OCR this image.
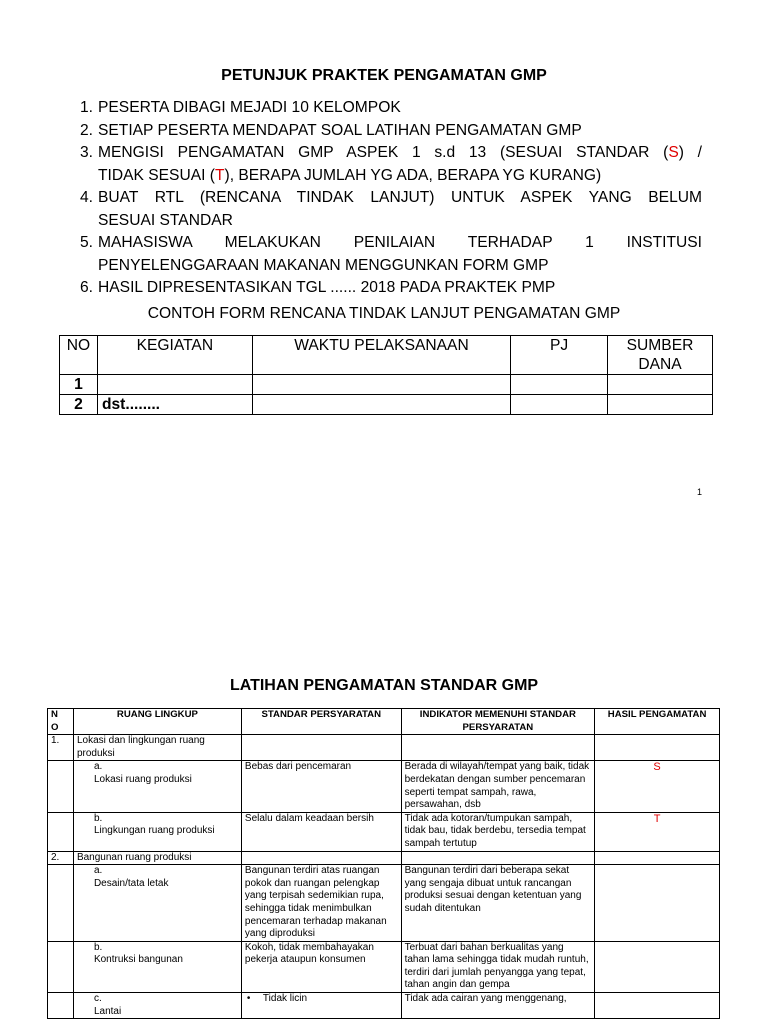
PETUNJUK PRAKTEK PENGAMATAN GMP
1. PESERTA DIBAGI MEJADI 10 KELOMPOK
2. SETIAP PESERTA MENDAPAT SOAL LATIHAN PENGAMATAN GMP
3. MENGISI PENGAMATAN GMP ASPEK 1 s.d 13 (SESUAI STANDAR (S) /
TIDAK SESUAI (T), BERAPA JUMLAH YG ADA, BERAPA YG KURANG)
4. BUAT RTL (RENCANA TINDAK LANJUT) UNTUK ASPEK YANG BELUM
SESUAI STANDAR
5. MAHASISWA MELAKUKAN PENILAIAN TERHADAP 1 INSTITUSI
PENYELENGGARAAN MAKANAN MENGGUNKAN FORM GMP
6. HASIL DIPRESENTASIKAN TGL ...... 2018 PADA PRAKTEK PMP
CONTOH FORM RENCANA TINDAK LANJUT PENGAMATAN GMP
NO	KEGIATAN	WAKTU PELAKSANAAN	PJ	SUMBER DANA
1				
2	dst........			
1
LATIHAN PENGAMATAN STANDAR GMP
N
O	RUANG LINGKUP	STANDAR PERSYARATAN	INDIKATOR MEMENUHI STANDAR PERSYARATAN	HASIL PENGAMATAN
1.	Lokasi dan lingkungan ruang produksi			
	a.Lokasi ruang produksi	Bebas dari pencemaran	Berada di wilayah/tempat yang baik, tidak berdekatan dengan sumber pencemaran seperti tempat sampah, rawa, persawahan, dsb	S
	b.Lingkungan ruang produksi	Selalu dalam keadaan bersih	Tidak ada kotoran/tumpukan sampah, tidak bau, tidak berdebu, tersedia tempat sampah tertutup	T
2.	Bangunan ruang produksi			
	a.Desain/tata letak	Bangunan terdiri atas ruangan pokok dan ruangan pelengkap yang terpisah sedemikian rupa, sehingga tidak menimbulkan pencemaran terhadap makanan yang diproduksi	Bangunan terdiri dari beberapa sekat yang sengaja dibuat untuk rancangan produksi sesuai dengan ketentuan yang sudah ditentukan	
	b.Kontruksi bangunan	Kokoh, tidak membahayakan pekerja ataupun konsumen	Terbuat dari bahan berkualitas yang tahan lama sehingga tidak mudah runtuh, terdiri dari jumlah penyangga yang tepat, tahan angin dan gempa	
	c.Lantai	• Tidak licin	Tidak ada cairan yang menggenang,	
